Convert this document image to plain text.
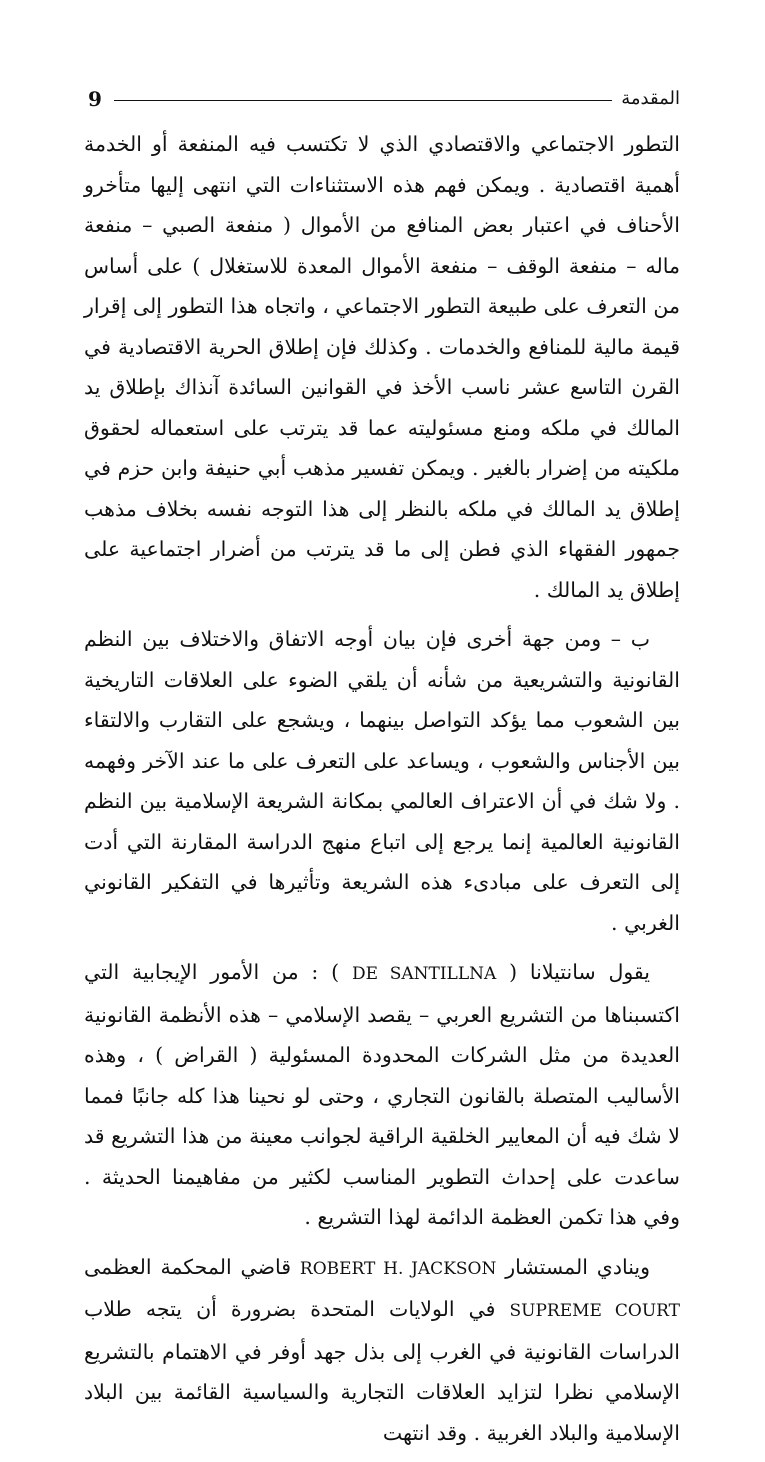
9	المقدمة

التطور الاجتماعي والاقتصادي الذي لا تكتسب فيه المنفعة أو الخدمة أهمية اقتصادية . ويمكن فهم هذه الاستثناءات التي انتهى إليها متأخرو الأحناف في اعتبار بعض المنافع من الأموال ( منفعة الصبي – منفعة ماله – منفعة الوقف – منفعة الأموال المعدة للاستغلال ) على أساس من التعرف على طبيعة التطور الاجتماعي ، واتجاه هذا التطور إلى إقرار قيمة مالية للمنافع والخدمات . وكذلك فإن إطلاق الحرية الاقتصادية في القرن التاسع عشر ناسب الأخذ في القوانين السائدة آنذاك بإطلاق يد المالك في ملكه ومنع مسئوليته عما قد يترتب على استعماله لحقوق ملكيته من إضرار بالغير . ويمكن تفسير مذهب أبي حنيفة وابن حزم في إطلاق يد المالك في ملكه بالنظر إلى هذا التوجه نفسه بخلاف مذهب جمهور الفقهاء الذي فطن إلى ما قد يترتب من أضرار اجتماعية على إطلاق يد المالك .

ب – ومن جهة أخرى فإن بيان أوجه الاتفاق والاختلاف بين النظم القانونية والتشريعية من شأنه أن يلقي الضوء على العلاقات التاريخية بين الشعوب مما يؤكد التواصل بينهما ، ويشجع على التقارب والالتقاء بين الأجناس والشعوب ، ويساعد على التعرف على ما عند الآخر وفهمه . ولا شك في أن الاعتراف العالمي بمكانة الشريعة الإسلامية بين النظم القانونية العالمية إنما يرجع إلى اتباع منهج الدراسة المقارنة التي أدت إلى التعرف على مبادىء هذه الشريعة وتأثيرها في التفكير القانوني الغربي .

يقول سانتيلانا ( DE SANTILLNA ) : من الأمور الإيجابية التي اكتسبناها من التشريع العربي – يقصد الإسلامي – هذه الأنظمة القانونية العديدة من مثل الشركات المحدودة المسئولية ( القراض ) ، وهذه الأساليب المتصلة بالقانون التجاري ، وحتى لو نحينا هذا كله جانبًا فمما لا شك فيه أن المعايير الخلقية الراقية لجوانب معينة من هذا التشريع قد ساعدت على إحداث التطوير المناسب لكثير من مفاهيمنا الحديثة . وفي هذا تكمن العظمة الدائمة لهذا التشريع .

وينادي المستشار ROBERT H. JACKSON قاضي المحكمة العظمى SUPREME COURT في الولايات المتحدة بضرورة أن يتجه طلاب الدراسات القانونية في الغرب إلى بذل جهد أوفر في الاهتمام بالتشريع الإسلامي نظرا لتزايد العلاقات التجارية والسياسية القائمة بين البلاد الإسلامية والبلاد الغربية . وقد انتهت
